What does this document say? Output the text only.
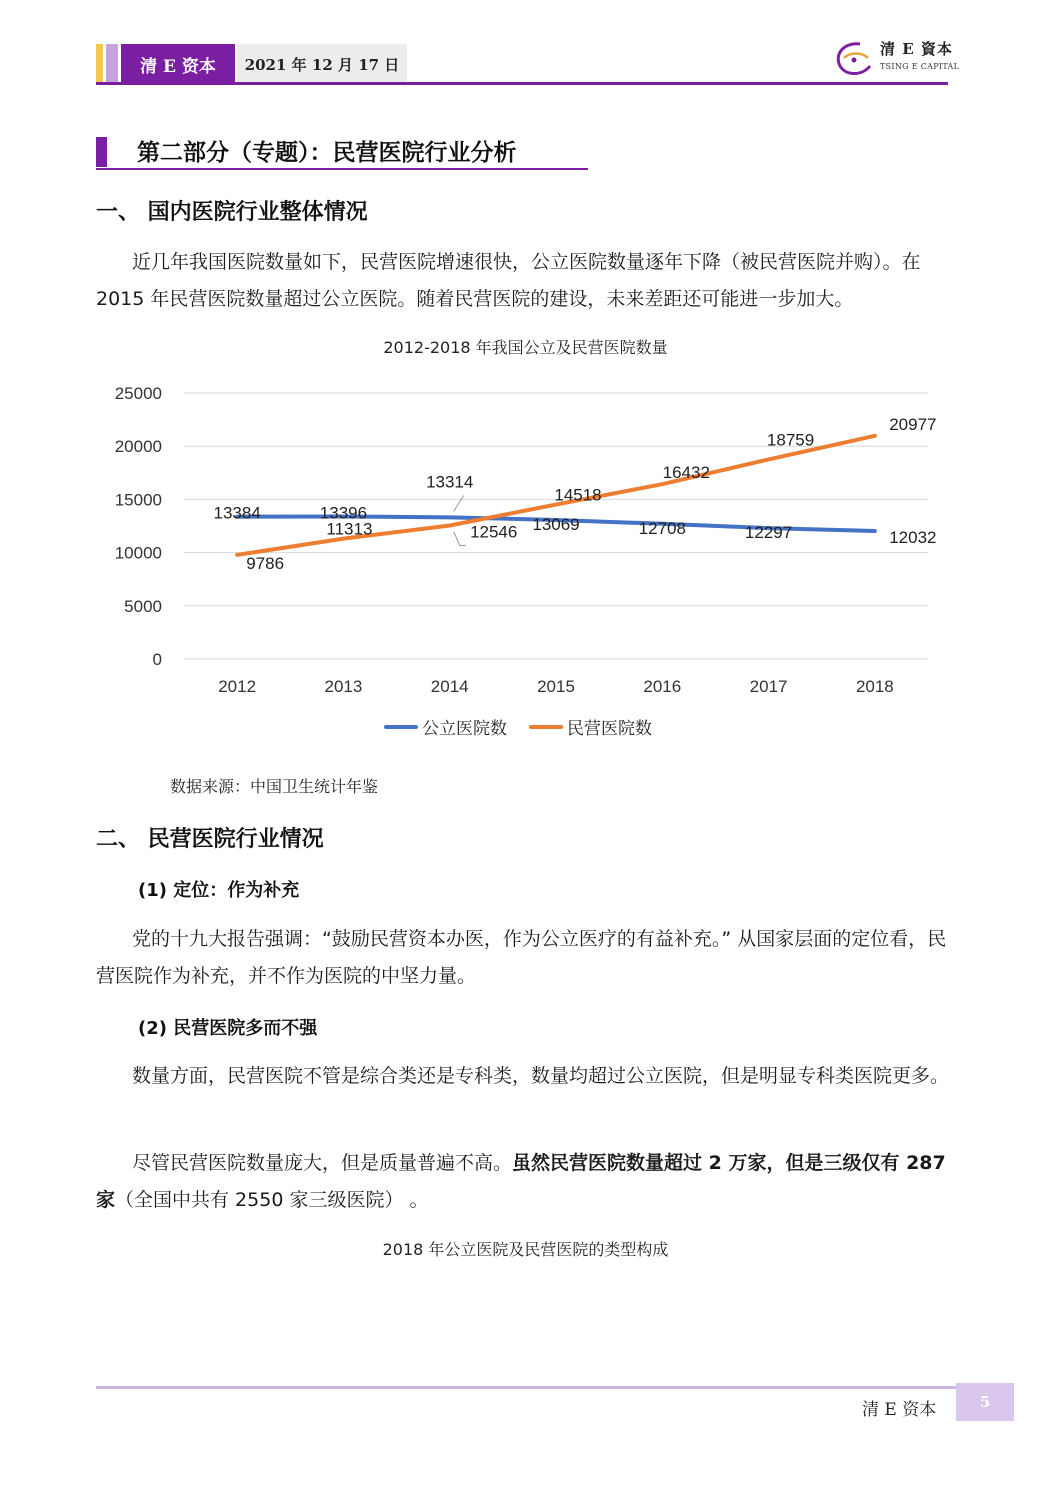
清 E 资本	2021 年 12 月 17 日
清 E 資本
TSING E CAPITAL
第二部分（专题）：民营医院行业分析
一、 国内医院行业整体情况
近几年我国医院数量如下，民营医院增速很快，公立医院数量逐年下降（被民营医院并购）。在 2015 年民营医院数量超过公立医院。随着民营医院的建设，未来差距还可能进一步加大。
2012-2018 年我国公立及民营医院数量
25000
20000
15000
10000
5000
0
2012	2013	2014	2015	2016	2017	2018
13384	13396
13314
13069	12708	12297	12032
9786
11313	12546
14518
16432
18759
20977
公立医院数	民营医院数
数据来源：中国卫生统计年鉴
二、 民营医院行业情况
(1) 定位：作为补充
党的十九大报告强调：“鼓励民营资本办医，作为公立医疗的有益补充。” 从国家层面的定位看，民营医院作为补充，并不作为医院的中坚力量。
(2) 民营医院多而不强
数量方面，民营医院不管是综合类还是专科类，数量均超过公立医院，但是明显专科类医院更多。
尽管民营医院数量庞大，但是质量普遍不高。虽然民营医院数量超过 2 万家，但是三级仅有 287 家（全国中共有 2550 家三级医院） 。
2018 年公立医院及民营医院的类型构成
清 E 资本	5
